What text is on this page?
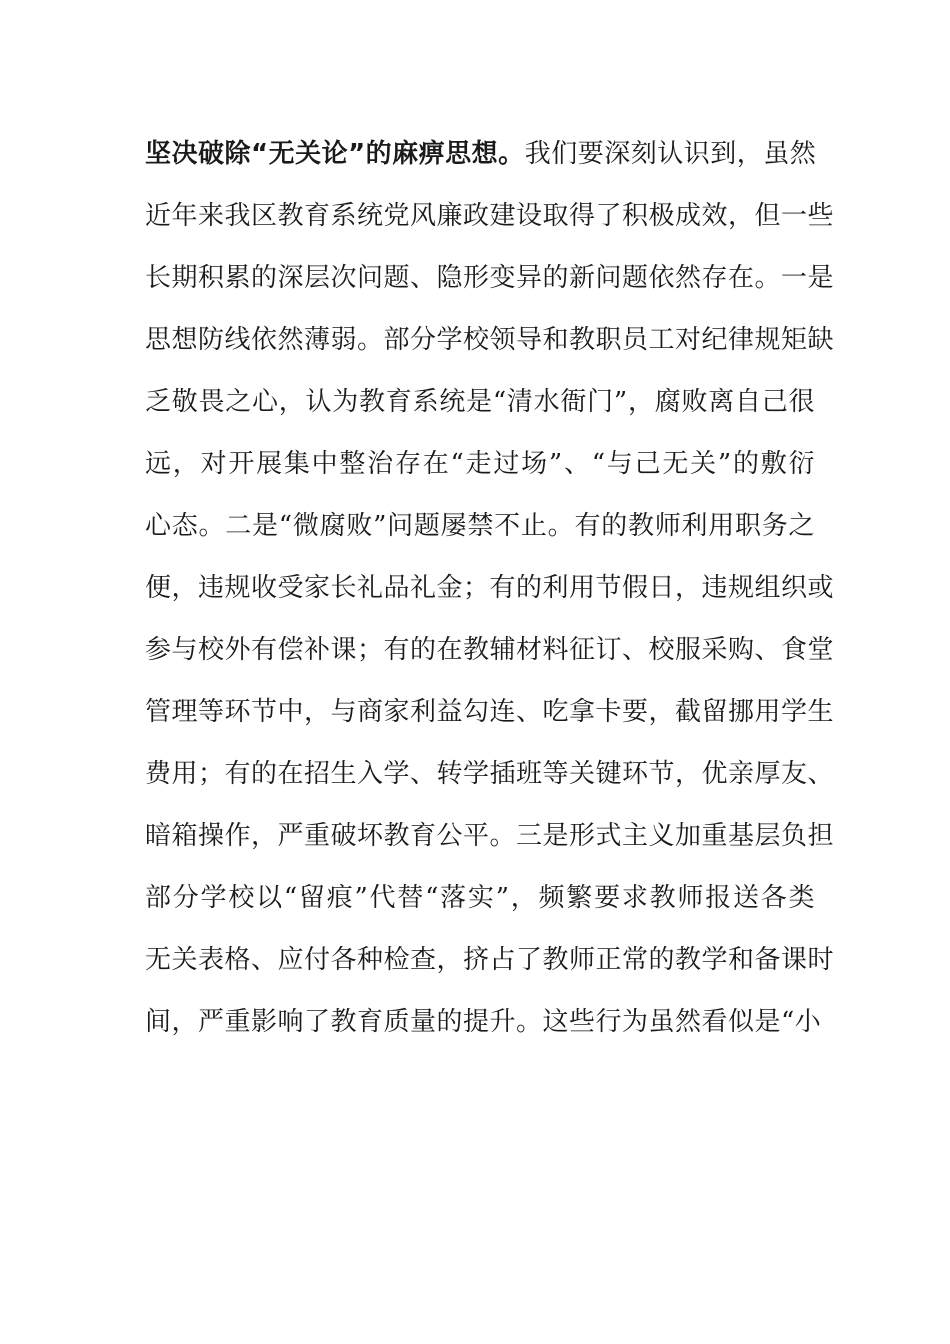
坚决破除“无关论”的麻痹思想。我们要深刻认识到，虽然
近年来我区教育系统党风廉政建设取得了积极成效，但一些
长期积累的深层次问题、隐形变异的新问题依然存在。一是
思想防线依然薄弱。部分学校领导和教职员工对纪律规矩缺
乏敬畏之心，认为教育系统是“清水衙门”，腐败离自己很
远，对开展集中整治存在“走过场”、“与己无关”的敷衍
心态。二是“微腐败”问题屡禁不止。有的教师利用职务之
便，违规收受家长礼品礼金；有的利用节假日，违规组织或
参与校外有偿补课；有的在教辅材料征订、校服采购、食堂
管理等环节中，与商家利益勾连、吃拿卡要，截留挪用学生
费用；有的在招生入学、转学插班等关键环节，优亲厚友、
暗箱操作，严重破坏教育公平。三是形式主义加重基层负担
部分学校以“留痕”代替“落实”，频繁要求教师报送各类
无关表格、应付各种检查，挤占了教师正常的教学和备课时
间，严重影响了教育质量的提升。这些行为虽然看似是“小
